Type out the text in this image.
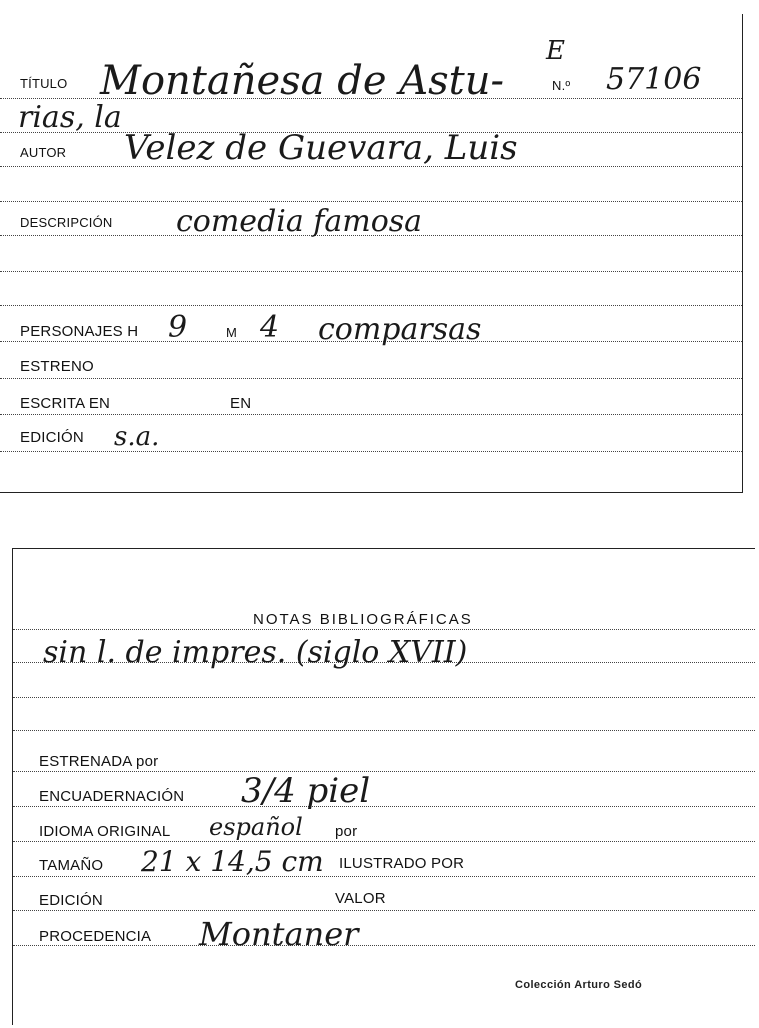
TÍTULO Montañesa de Astu-
E
N.º 57106
rias, la
AUTOR Velez de Guevara, Luis
DESCRIPCIÓN comedia famosa
PERSONAJES H 9	M 4 comparsas
ESTRENO
ESCRITA EN	EN
EDICIÓN s.a.
NOTAS BIBLIOGRÁFICAS
sin l. de impres. (siglo XVII)
ESTRENADA por
ENCUADERNACIÓN 3/4 piel
IDIOMA ORIGINAL español por
TAMAÑO 21 x 14,5 cm ILUSTRADO POR
EDICIÓN	VALOR
PROCEDENCIA Montaner
Colección Arturo Sedó
